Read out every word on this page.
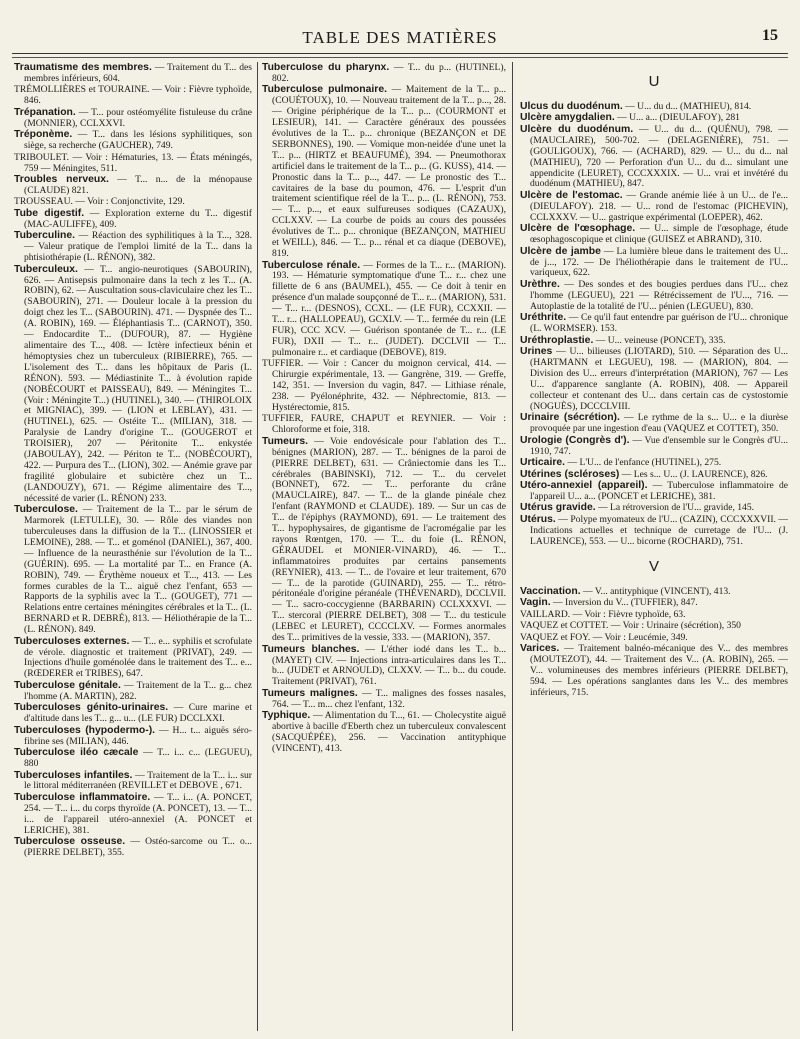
TABLE DES MATIÈRES	15

Traumatisme des membres. — Traitement du T... des membres inférieurs, 604.

TRÉMOLLIÈRES et TOURAINE. — Voir : Fièvre typhoïde, 846.

Trépanation. — T... pour ostéomyélite fistuleuse du crâne (MONNIER), CCLXXVI.

Tréponème. — T... dans les lésions syphilitiques, son siège, sa recherche (GAUCHER), 749.

TRIBOULET. — Voir : Hématuries, 13. — États méningés, 759 — Méningites, 511.

Troubles nerveux. — T... n... de la ménopause (CLAUDE) 821.

TROUSSEAU. — Voir : Conjonctivite, 129.

Tube digestif. — Exploration externe du T... digestif (MAC-AULIFFE), 409.

Tuberculine. — Réaction des syphilitiques à la T..., 328. — Valeur pratique de l'emploi limité de la T... dans la phtisiothérapie (L. RÉNON), 382.

Tuberculeux. — T... angio-neurotiques (SABOURIN), 626. — Antisepsis pulmonaire dans la tech z les T... (A. ROBIN), 62. — Auscultation sous-claviculaire chez les T... (SABOURIN), 271. — Douleur locale à la pression du doigt chez les T... (SABOURIN). 471. — Dyspnée des T... (A. ROBIN), 169. — Éléphantiasis T... (CARNOT), 350. — Endocardite T... (DUFOUR), 87. — Hygiène alimentaire des T..., 408. — Ictère infectieux bénin et hémoptysies chez un tuberculeux (RIBIERRE), 765. — L'isolement des T... dans les hôpitaux de Paris (L. RÉNON). 593. — Médiastinite T... à évolution rapide (NOBÉCOURT et PAISSEAU), 849. — Méningites T... (Voir : Méningite T...) (HUTINEL), 340. — (THIROLOIX et MIGNIAC), 399. — (LION et LEBLAY), 431. — (HUTINEL), 625. — Ostéite T... (MILIAN), 318. — Paralysie de Landry d'origine T... (GOUGEROT et TROISIER), 207 — Péritonite T... enkystée (JABOULAY), 242. — Périton te T... (NOBÉCOURT), 422. — Purpura des T... (LION), 302. — Anémie grave par fragilité globulaire et subictère chez un T... (LANDOUZY), 671. — Régime alimentaire des T..., nécessité de varier (L. RÉNON) 233.

Tuberculose. — Traitement de la T... par le sérum de Marmorek (LETULLE), 30. — Rôle des viandes non tuberculeuses dans la diffusion de la T... (LINOSSIER et LEMOINE), 288. — T... et goménol (DANIEL), 367, 400. — Influence de la neurasthénie sur l'évolution de la T... (GUÉRIN). 695. — La mortalité par T... en France (A. ROBIN), 749. — Érythème noueux et T..., 413. — Les formes curables de la T... aiguë chez l'enfant, 653 — Rapports de la syphilis avec la T... (GOUGET), 771 — Relations entre certaines méningites cérébrales et la T... (L. BERNARD et R. DEBRÉ), 813. — Héliothérapie de la T... (L. RÉNON). 849.

Tuberculoses externes. — T... e... syphilis et scrofulate de vérole. diagnostic et traitement (PRIVAT), 249. — Injections d'huile goménolée dans le traitement des T... e... (RŒDERER et TRIBES), 647.

Tuberculose génitale. — Traitement de la T... g... chez l'homme (A. MARTIN), 282.

Tuberculoses génito-urinaires. — Cure marine et d'altitude dans les T... g... u... (LE FUR) DCCLXXI.

Tuberculoses (hypodermo-). — H... t... aiguës séro-fibrine ses (MILIAN), 446.

Tuberculose iléo cæcale — T... i... c... (LEGUEU), 880

Tuberculoses infantiles. — Traitement de la T... i... sur le littoral méditerranéen (REVILLET et DEBOVE , 671.

Tuberculose inflammatoire. — T... i... (A. PONCET, 254. — T... i... du corps thyroïde (A. PONCET), 13. — T... i... de l'appareil utéro-annexiel (A. PONCET et LERICHE), 381.

Tuberculose osseuse. — Ostéo-sarcome ou T... o... (PIERRE DELBET), 355.

Tuberculose du pharynx. — T... du p... (HUTINEL), 802.

Tuberculose pulmonaire. — Maitement de la T... p... (COUÉTOUX), 10. — Nouveau traitement de la T... p..., 28. — Origine périphérique de la T... p... (COURMONT et LESIEUR), 141. — Caractère généraux des poussées évolutives de la T... p... chronique (BEZANÇON et DE SERBONNES), 190. — Vomique mon-neidée d'une unet la T... p... (HIRTZ et BEAUFUMÉ), 394. — Pneumothorax artificiel dans le traitement de la T... p... (G. KUSS), 414. — Pronostic dans la T... p..., 447. — Le pronostic des T... cavitaires de la base du poumon, 476. — L'esprit d'un traitement scientifique réel de la T... p... (L. RÉNON), 753. — T... p..., et eaux sulfureuses sodiques (CAZAUX), CCLXXV. — La courbe de poids au cours des poussées évolutives de T... p... chronique (BEZANÇON, MATHIEU et WEILL), 846. — T... p... rénal et ca diaque (DEBOVE), 819.

Tuberculose rénale. — Formes de la T... r... (MARION). 193. — Hématurie symptomatique d'une T... r... chez une fillette de 6 ans (BAUMEL), 455. — Ce doit à tenir en présence d'un malade soupçonné de T... r... (MARION), 531. — T... r... (DESNOS), CCXL. — (LE FUR), CCXXII. — T... r... (HALLOPEAU), GCXLV. — T... fermée du rein (LE FUR), CCC XCV. — Guérison spontanée de T... r... (LE FUR), DXII — T... r... (JUDET). DCCLVII — T... pulmonaire r... et cardiaque (DEBOVE), 819.

TUFFIER. — Voir : Cancer du moignon cervical, 414. — Chirurgie expérimentale, 13. — Gangrène, 319. — Greffe, 142, 351. — Inversion du vagin, 847. — Lithiase rénale, 238. — Pyélonéphrite, 432. — Néphrectomie, 813. — Hystérectomie, 815.

TUFFIER, FAURE, CHAPUT et REYNIER. — Voir : Chloroforme et foie, 318.

Tumeurs. — Voie endovésicale pour l'ablation des T... bénignes (MARION), 287. — T... bénignes de la paroi de (PIERRE DELBET), 631. — Crâniectomie dans les T... cérébrales (BABINSKI), 712. — T... du cervelet (BONNET), 672. — T... perforante du crâne (MAUCLAIRE), 847. — T... de la glande pinéale chez l'enfant (RAYMOND et CLAUDE). 189. — Sur un cas de T... de l'épiphys (RAYMOND), 691. — Le traitement des T... hypophysaires, de gigantisme de l'acromégalie par les rayons Rœntgen, 170. — T... du foie (L. RÉNON, GÉRAUDEL et MONIER-VINARD), 46. — T... inflammatoires produites par certains pansements (REYNIER), 413. — T... de l'ovaire et leur traitement, 670 — T... de la parotide (GUINARD), 255. — T... rétro-péritonéale d'origine péranéale (THÉVENARD), DCCLVII. — T... sacro-coccygienne (BARBARIN) CCLXXXVI. — T... stercoral (PIERRE DELBET), 308 — T... du testicule (LEBEC et LEURET), CCCCLXV. — Formes anormales des T... primitives de la vessie, 333. — (MARION), 357.

Tumeurs blanches. — L'éther iodé dans les T... b... (MAYET) CIV. — Injections intra-articulaires dans les T... b... (JUDET et ARNOULD), CLXXV. — T... b... du coude. Traitement (PRIVAT), 761.

Tumeurs malignes. — T... malignes des fosses nasales, 764. — T... m... chez l'enfant, 132.

Typhique. — Alimentation du T..., 61. — Cholecystite aiguë abortive à bacille d'Eberth chez un tuberculeux convalescent (SACQUÉPÉE), 256. — Vaccination antityphique (VINCENT), 413.

U

Ulcus du duodénum. — U... du d... (MATHIEU), 814.

Ulcère amygdalien. — U... a... (DIEULAFOY), 281

Ulcère du duodénum. — U... du d... (QUÉNU), 798. — (MAUCLAIRE), 500-702. — (DELAGENIÈRE), 751. — (GOULIGOUX), 766. — (ACHARD), 829. — U... du d... nal (MATHIEU), 720 — Perforation d'un U... du d... simulant une appendicite (LEURET), CCCXXXIX. — U... vrai et invétéré du duodénum (MATHIEU), 847.

Ulcère de l'estomac. — Grande anémie liée à un U... de l'e... (DIEULAFOY). 218. — U... rond de l'estomac (PICHEVIN), CCLXXXV. — U... gastrique expérimental (LOEPER), 462.

Ulcère de l'œsophage. — U... simple de l'œsophage, étude œsophagoscopique et clinique (GUISEZ et ABRAND), 310.

Ulcère de jambe — La lumière bleue dans le traitement des U... de j..., 172. — De l'héliothérapie dans le traitement de l'U... variqueux, 622.

Urèthre. — Des sondes et des bougies perdues dans l'U... chez l'homme (LEGUEU), 221 — Rétrécissement de l'U..., 716. — Autoplastie de la totalité de l'U... pénien (LEGUEU), 830.

Uréthrite. — Ce qu'il faut entendre par guérison de l'U... chronique (L. WORMSER). 153.

Uréthroplastie. — U... veineuse (PONCET), 335.

Urines — U... bilieuses (LIOTARD), 510. — Séparation des U... (HARTMANN et LEGUEU), 198. — (MARION), 804. — Division des U... erreurs d'interprétation (MARION), 767 — Les U... d'apparence sanglante (A. ROBIN), 408. — Appareil collecteur et contenant des U... dans certain cas de cystostomie (NOGUÈS), DCCCLVIII.

Urinaire (sécrétion). — Le rythme de la s... U... e la diurèse provoquée par une ingestion d'eau (VAQUEZ et COTTET), 350.

Urologie (Congrès d'). — Vue d'ensemble sur le Congrès d'U... 1910, 747.

Urticaire. — L'U... de l'enfance (HUTINEL), 275.

Utérines (scléroses) — Les s... U... (J. LAURENCE), 826.

Utéro-annexiel (appareil). — Tuberculose inflammatoire de l'appareil U... a... (PONCET et LERICHE), 381.

Utérus gravide. — La rétroversion de l'U... gravide, 145.

Utérus. — Polype myomateux de l'U... (CAZIN), CCCXXXVII. — Indications actuelles et technique de curretage de l'U... (J. LAURENCE), 553. — U... bicorne (ROCHARD), 751.

V

Vaccination. — V... antityphique (VINCENT), 413.

Vagin. — Inversion du V... (TUFFIER), 847.

VAILLARD. — Voir : Fièvre typhoïde, 63.

VAQUEZ et COTTET. — Voir : Urinaire (sécrétion), 350

VAQUEZ et FOY. — Voir : Leucémie, 349.

Varices. — Traitement balnéo-mécanique des V... des membres (MOUTEZOT), 44. — Traitement des V... (A. ROBIN), 265. — V... volumineuses des membres inférieurs (PIERRE DELBET), 594. — Les opérations sanglantes dans les V... des membres inférieurs, 715.
